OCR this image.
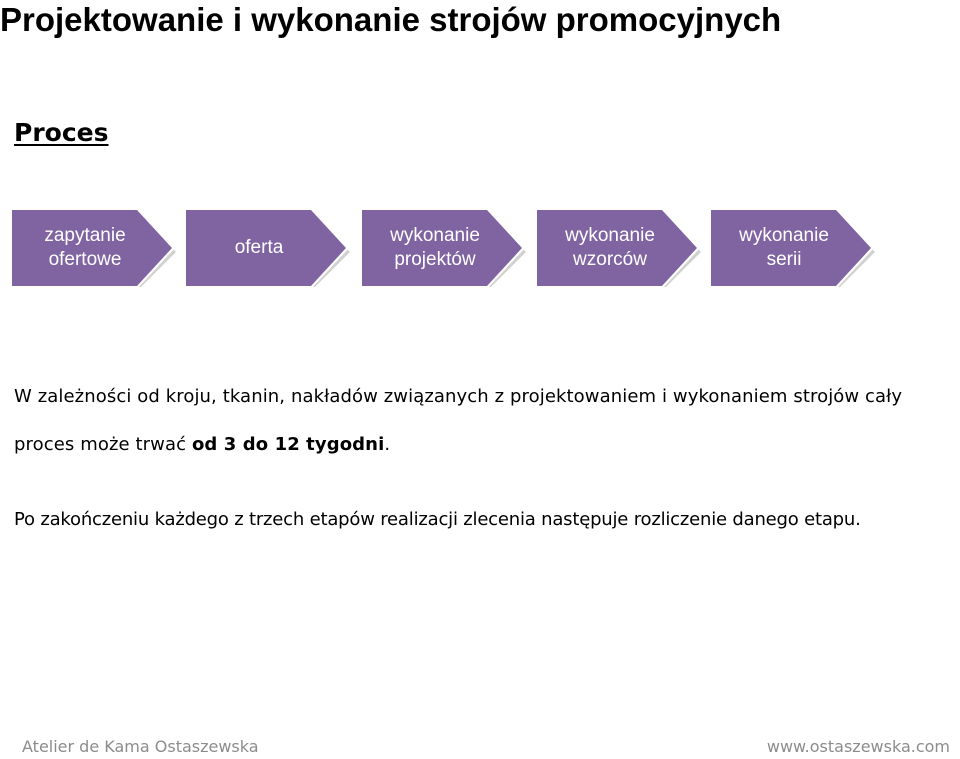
Projektowanie i wykonanie strojów promocyjnych
Proces
zapytanie
ofertowe
oferta
wykonanie
projektów
wykonanie
wzorców
wykonanie
serii
W zależności od kroju, tkanin, nakładów związanych z projektowaniem i wykonaniem strojów cały proces może trwać od 3 do 12 tygodni.
Po zakończeniu każdego z trzech etapów realizacji zlecenia następuje rozliczenie danego etapu.
Atelier de Kama Ostaszewska	www.ostaszewska.com
